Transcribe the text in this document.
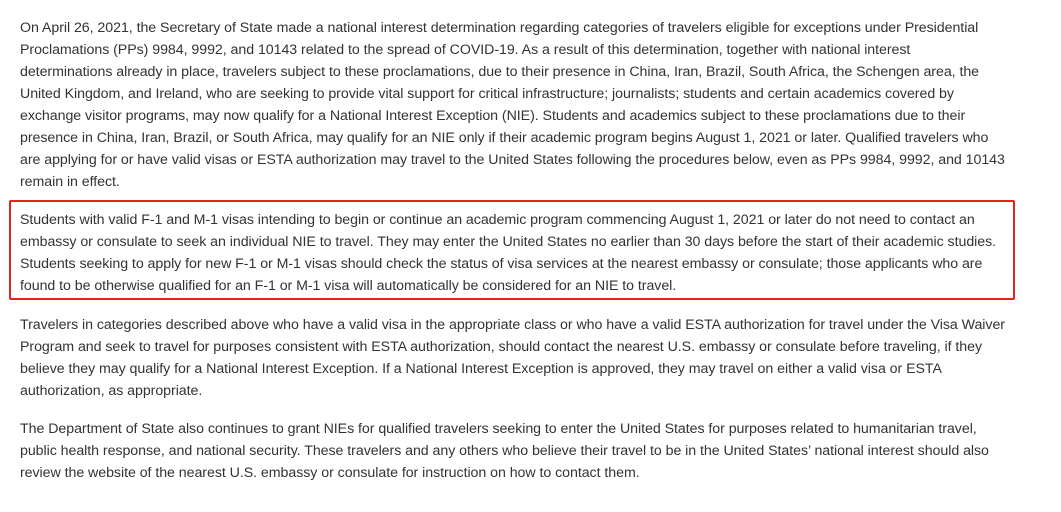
On April 26, 2021, the Secretary of State made a national interest determination regarding categories of travelers eligible for exceptions under Presidential Proclamations (PPs) 9984, 9992, and 10143 related to the spread of COVID-19. As a result of this determination, together with national interest determinations already in place, travelers subject to these proclamations, due to their presence in China, Iran, Brazil, South Africa, the Schengen area, the United Kingdom, and Ireland, who are seeking to provide vital support for critical infrastructure; journalists; students and certain academics covered by exchange visitor programs, may now qualify for a National Interest Exception (NIE). Students and academics subject to these proclamations due to their presence in China, Iran, Brazil, or South Africa, may qualify for an NIE only if their academic program begins August 1, 2021 or later. Qualified travelers who are applying for or have valid visas or ESTA authorization may travel to the United States following the procedures below, even as PPs 9984, 9992, and 10143 remain in effect.

Students with valid F-1 and M-1 visas intending to begin or continue an academic program commencing August 1, 2021 or later do not need to contact an embassy or consulate to seek an individual NIE to travel. They may enter the United States no earlier than 30 days before the start of their academic studies. Students seeking to apply for new F-1 or M-1 visas should check the status of visa services at the nearest embassy or consulate; those applicants who are found to be otherwise qualified for an F-1 or M-1 visa will automatically be considered for an NIE to travel.

Travelers in categories described above who have a valid visa in the appropriate class or who have a valid ESTA authorization for travel under the Visa Waiver Program and seek to travel for purposes consistent with ESTA authorization, should contact the nearest U.S. embassy or consulate before traveling, if they believe they may qualify for a National Interest Exception. If a National Interest Exception is approved, they may travel on either a valid visa or ESTA authorization, as appropriate.

The Department of State also continues to grant NIEs for qualified travelers seeking to enter the United States for purposes related to humanitarian travel, public health response, and national security. These travelers and any others who believe their travel to be in the United States’ national interest should also review the website of the nearest U.S. embassy or consulate for instruction on how to contact them.
